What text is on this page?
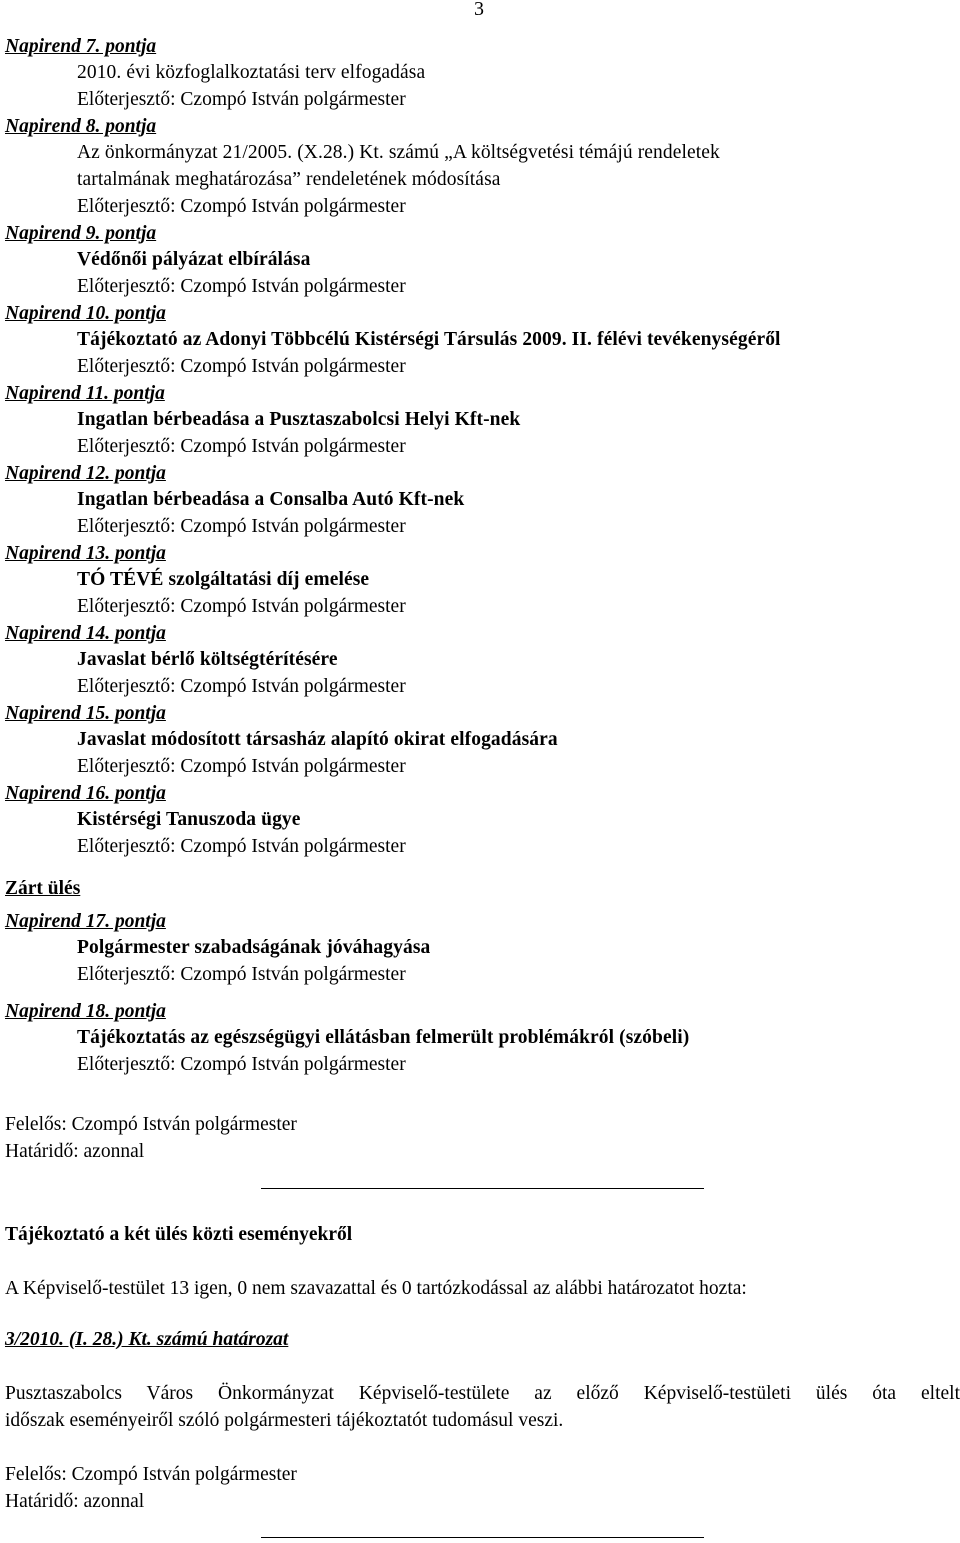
3
Napirend 7. pontja
2010. évi közfoglalkoztatási terv elfogadása
Előterjesztő: Czompó István polgármester
Napirend 8. pontja
Az önkormányzat 21/2005. (X.28.) Kt. számú „A költségvetési témájú rendeletek
tartalmának meghatározása” rendeletének módosítása
Előterjesztő: Czompó István polgármester
Napirend 9. pontja
Védőnői pályázat elbírálása
Előterjesztő: Czompó István polgármester
Napirend 10. pontja
Tájékoztató az Adonyi Többcélú Kistérségi Társulás 2009. II. félévi tevékenységéről
Előterjesztő: Czompó István polgármester
Napirend 11. pontja
Ingatlan bérbeadása a Pusztaszabolcsi Helyi Kft-nek
Előterjesztő: Czompó István polgármester
Napirend 12. pontja
Ingatlan bérbeadása a Consalba Autó Kft-nek
Előterjesztő: Czompó István polgármester
Napirend 13. pontja
TÓ TÉVÉ szolgáltatási díj emelése
Előterjesztő: Czompó István polgármester
Napirend 14. pontja
Javaslat bérlő költségtérítésére
Előterjesztő: Czompó István polgármester
Napirend 15. pontja
Javaslat módosított társasház alapító okirat elfogadására
Előterjesztő: Czompó István polgármester
Napirend 16. pontja
Kistérségi Tanuszoda ügye
Előterjesztő: Czompó István polgármester
Zárt ülés
Napirend 17. pontja
Polgármester szabadságának jóváhagyása
Előterjesztő: Czompó István polgármester
Napirend 18. pontja
Tájékoztatás az egészségügyi ellátásban felmerült problémákról (szóbeli)
Előterjesztő: Czompó István polgármester
Felelős: Czompó István polgármester
Határidő: azonnal
Tájékoztató a két ülés közti eseményekről
A Képviselő-testület 13 igen, 0 nem szavazattal és 0 tartózkodással az alábbi határozatot hozta:
3/2010. (I. 28.) Kt. számú határozat
Pusztaszabolcs Város Önkormányzat Képviselő-testülete az előző Képviselő-testületi ülés óta eltelt
időszak eseményeiről szóló polgármesteri tájékoztatót tudomásul veszi.
Felelős: Czompó István polgármester
Határidő: azonnal
